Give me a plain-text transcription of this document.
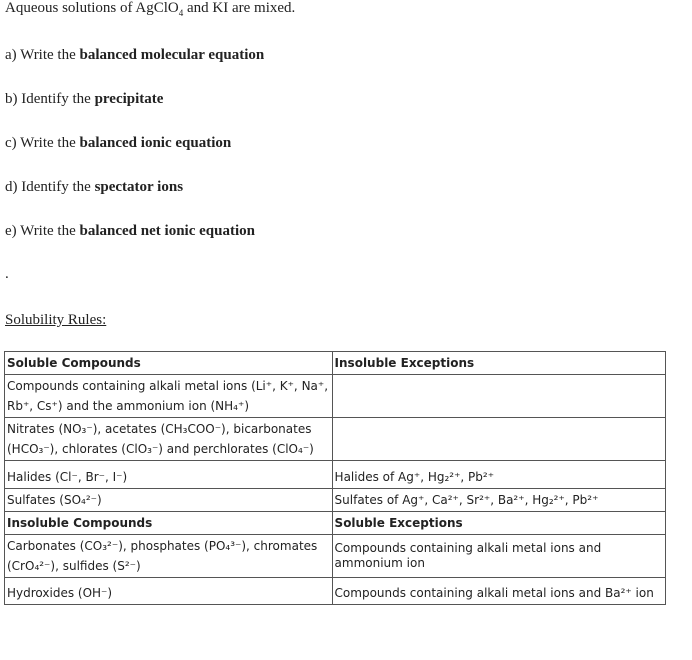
Aqueous solutions of AgClO$_4$ and KI are mixed.
a) Write the balanced molecular equation
b) Identify the precipitate
c) Write the balanced ionic equation
d) Identify the spectator ions
e) Write the balanced net ionic equation
.
Solubility Rules:
Soluble Compounds	Insoluble Exceptions
Compounds containing alkali metal ions (Li⁺, K⁺, Na⁺, Rb⁺, Cs⁺) and the ammonium ion (NH₄⁺)	
Nitrates (NO₃⁻), acetates (CH₃COO⁻), bicarbonates (HCO₃⁻), chlorates (ClO₃⁻) and perchlorates (ClO₄⁻)	
Halides (Cl⁻, Br⁻, I⁻)	Halides of Ag⁺, Hg₂²⁺, Pb²⁺
Sulfates (SO₄²⁻)	Sulfates of Ag⁺, Ca²⁺, Sr²⁺, Ba²⁺, Hg₂²⁺, Pb²⁺
Insoluble Compounds	Soluble Exceptions
Carbonates (CO₃²⁻), phosphates (PO₄³⁻), chromates (CrO₄²⁻), sulfides (S²⁻)	Compounds containing alkali metal ions and ammonium ion
Hydroxides (OH⁻)	Compounds containing alkali metal ions and Ba²⁺ ion
